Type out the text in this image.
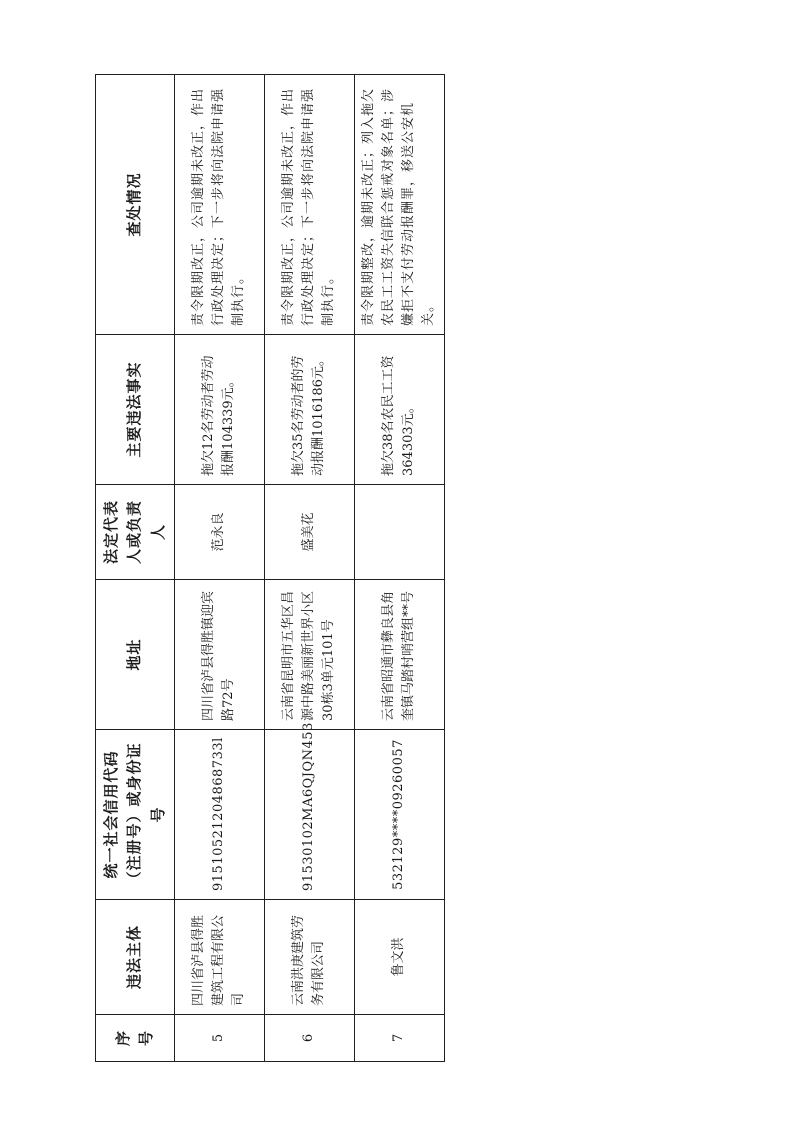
序号	违法主体	统一社会信用代码（注册号）或身份证号	地址	法定代表人或负责人	主要违法事实	查处情况
5	四川省泸县得胜建筑工程有限公司	91510521204868733l	四川省泸县得胜镇迎宾路72号	范永良	拖欠12名劳动者劳动报酬104339元。	责令限期改正，公司逾期未改正，作出行政处理决定；下一步将向法院申请强制执行。
6	云南洪庚建筑劳务有限公司	91530102MA6QJQN453	云南省昆明市五华区昌源中路美丽新世界小区30栋3单元101号	盛美花	拖欠35名劳动者的劳动报酬1016186元。	责令限期改正，公司逾期未改正，作出行政处理决定；下一步将向法院申请强制执行。
7	鲁文洪	532129****09260057	云南省昭通市彝良县角奎镇马踏村哨营组**号		拖欠38名农民工工资364303元。	责令限期整改，逾期未改正；列入拖欠农民工工资失信联合惩戒对象名单；涉嫌拒不支付劳动报酬罪，移送公安机关。
